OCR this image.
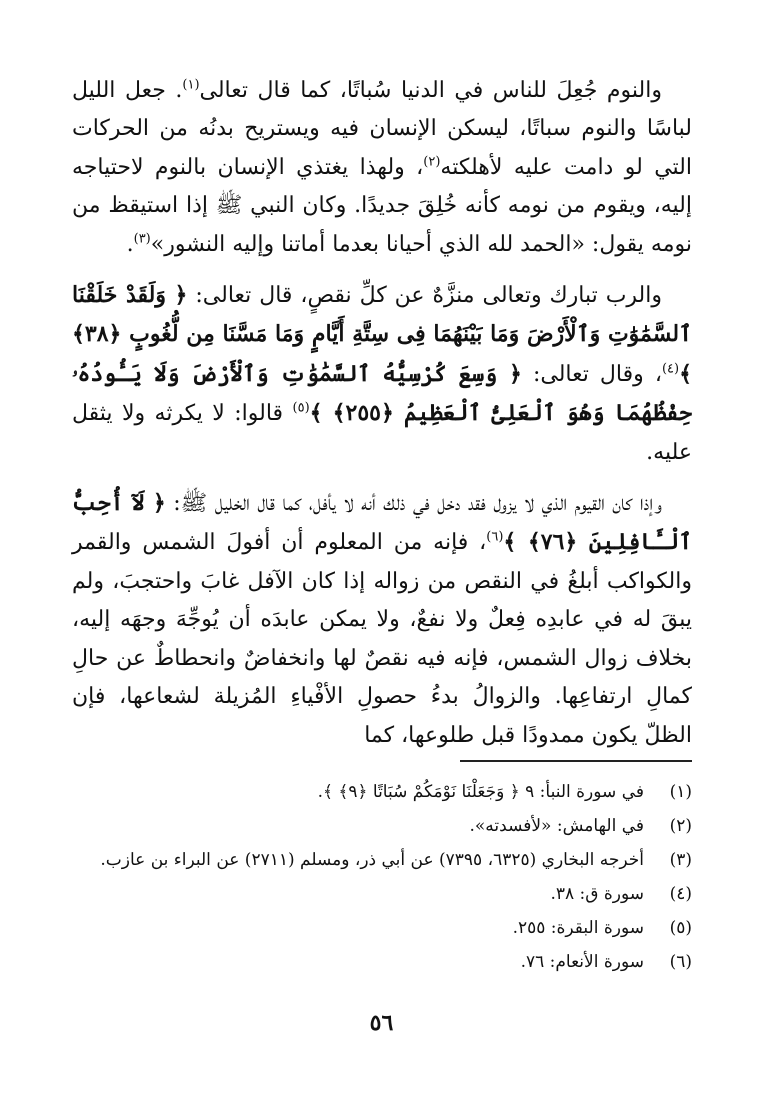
والنوم جُعِلَ للناس في الدنيا سُباتًا، كما قال تعالى$^{(١)}$. جعل الليل لباسًا والنوم سباتًا، ليسكن الإنسان فيه ويستريح بدنُه من الحركات التي لو دامت عليه لأهلكته$^{(٢)}$، ولهذا يغتذي الإنسان بالنوم لاحتياجه إليه، ويقوم من نومه كأنه خُلِقَ جديدًا. وكان النبي ﷺ إذا استيقظ من نومه يقول: «الحمد لله الذي أحيانا بعدما أماتنا وإليه النشور»$^{(٣)}$.

والرب تبارك وتعالى منزَّهٌ عن كلِّ نقصٍ، قال تعالى: ﴿ وَلَقَدْ خَلَقْنَا ٱلسَّمَٰوَٰتِ وَٱلْأَرْضَ وَمَا بَيْنَهُمَا فِى سِتَّةِ أَيَّامٍ وَمَا مَسَّنَا مِن لُّغُوبٍ ﴿٣٨﴾ ﴾$^{(٤)}$، وقال تعالى: ﴿ وَسِعَ كُرْسِيُّهُ ٱلسَّمَٰوَٰتِ وَٱلْأَرْضَ وَلَا يَـُٔودُهُۥ حِفْظُهُمَا وَهُوَ ٱلْعَلِىُّ ٱلْعَظِيمُ ﴿٢٥٥﴾ ﴾$^{(٥)}$ قالوا: لا يكرثه ولا يثقل عليه.

وإذا كان القيوم الذي لا يزول فقد دخل في ذلك أنه لا يأفل، كما قال الخليل ﷺ: ﴿ لَآ أُحِبُّ ٱلْـَٔافِلِينَ ﴿٧٦﴾ ﴾$^{(٦)}$، فإنه من المعلوم أن أفولَ الشمس والقمر والكواكب أبلغُ في النقص من زواله إذا كان الآفل غابَ واحتجبَ، ولم يبقَ له في عابدِه فِعلٌ ولا نفعٌ، ولا يمكن عابدَه أن يُوجِّهَ وجهَه إليه، بخلاف زوال الشمس، فإنه فيه نقصٌ لها وانخفاضٌ وانحطاطٌ عن حالِ كمالِ ارتفاعِها. والزوالُ بدءُ حصولِ الأفْياءِ المُزيلة لشعاعها، فإن الظلّ يكون ممدودًا قبل طلوعها، كما

(١)
في سورة النبأ: ٩ ﴿ وَجَعَلْنَا نَوْمَكُمْ سُبَاتًا ﴿٩﴾ ﴾.
(٢)
في الهامش: «لأفسدته».
(٣)
أخرجه البخاري (٦٣٢٥، ٧٣٩٥) عن أبي ذر، ومسلم (٢٧١١) عن البراء بن عازب.
(٤)
سورة ق: ٣٨.
(٥)
سورة البقرة: ٢٥٥.
(٦)
سورة الأنعام: ٧٦.
٥٦
